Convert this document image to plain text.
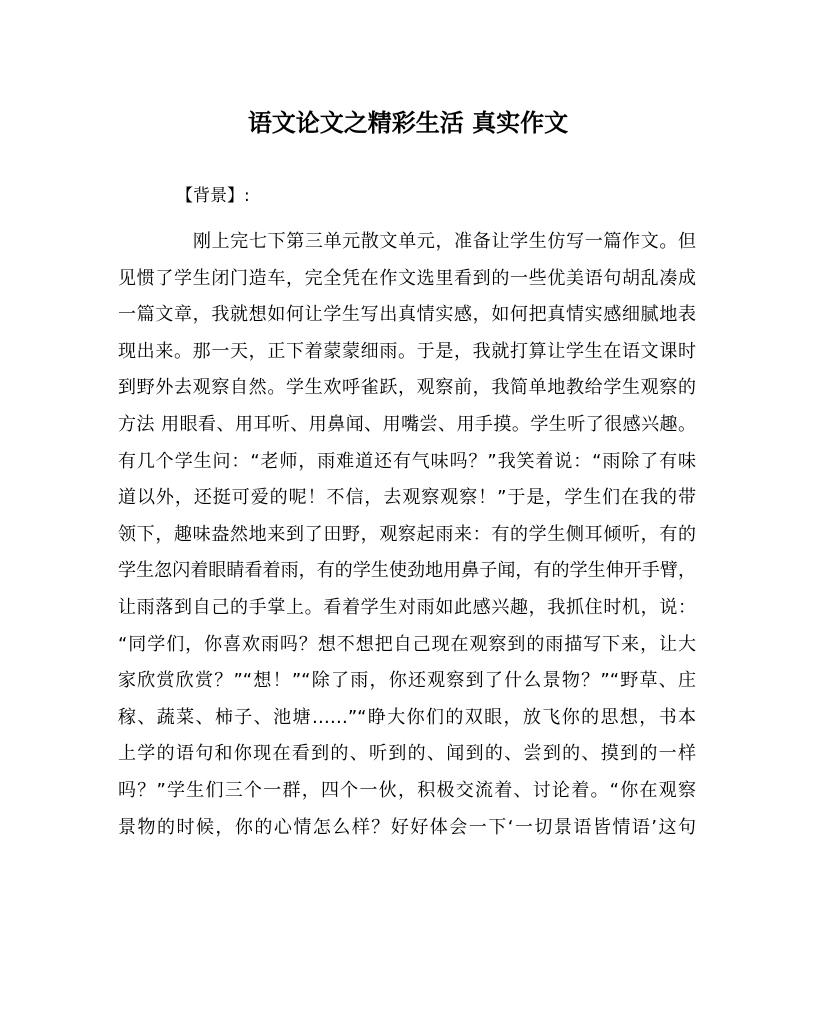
语文论文之精彩生活 真实作文
【背景】:
刚上完七下第三单元散文单元，准备让学生仿写一篇作文。但
见惯了学生闭门造车，完全凭在作文选里看到的一些优美语句胡乱凑成
一篇文章，我就想如何让学生写出真情实感，如何把真情实感细腻地表
现出来。那一天，正下着蒙蒙细雨。于是，我就打算让学生在语文课时
到野外去观察自然。学生欢呼雀跃，观察前，我简单地教给学生观察的
方法 用眼看、用耳听、用鼻闻、用嘴尝、用手摸。学生听了很感兴趣。
有几个学生问：“老师，雨难道还有气味吗？”我笑着说：“雨除了有味
道以外，还挺可爱的呢！不信，去观察观察！”于是，学生们在我的带
领下，趣味盎然地来到了田野，观察起雨来：有的学生侧耳倾听，有的
学生忽闪着眼睛看着雨，有的学生使劲地用鼻子闻，有的学生伸开手臂，
让雨落到自己的手掌上。看着学生对雨如此感兴趣，我抓住时机，说：
“同学们，你喜欢雨吗？想不想把自己现在观察到的雨描写下来，让大
家欣赏欣赏？”“想！”“除了雨，你还观察到了什么景物？”“野草、庄
稼、蔬菜、柿子、池塘……”“睁大你们的双眼，放飞你的思想，书本
上学的语句和你现在看到的、听到的、闻到的、尝到的、摸到的一样
吗？”学生们三个一群，四个一伙，积极交流着、讨论着。“你在观察
景物的时候，你的心情怎么样？好好体会一下‘一切景语皆情语’这句
